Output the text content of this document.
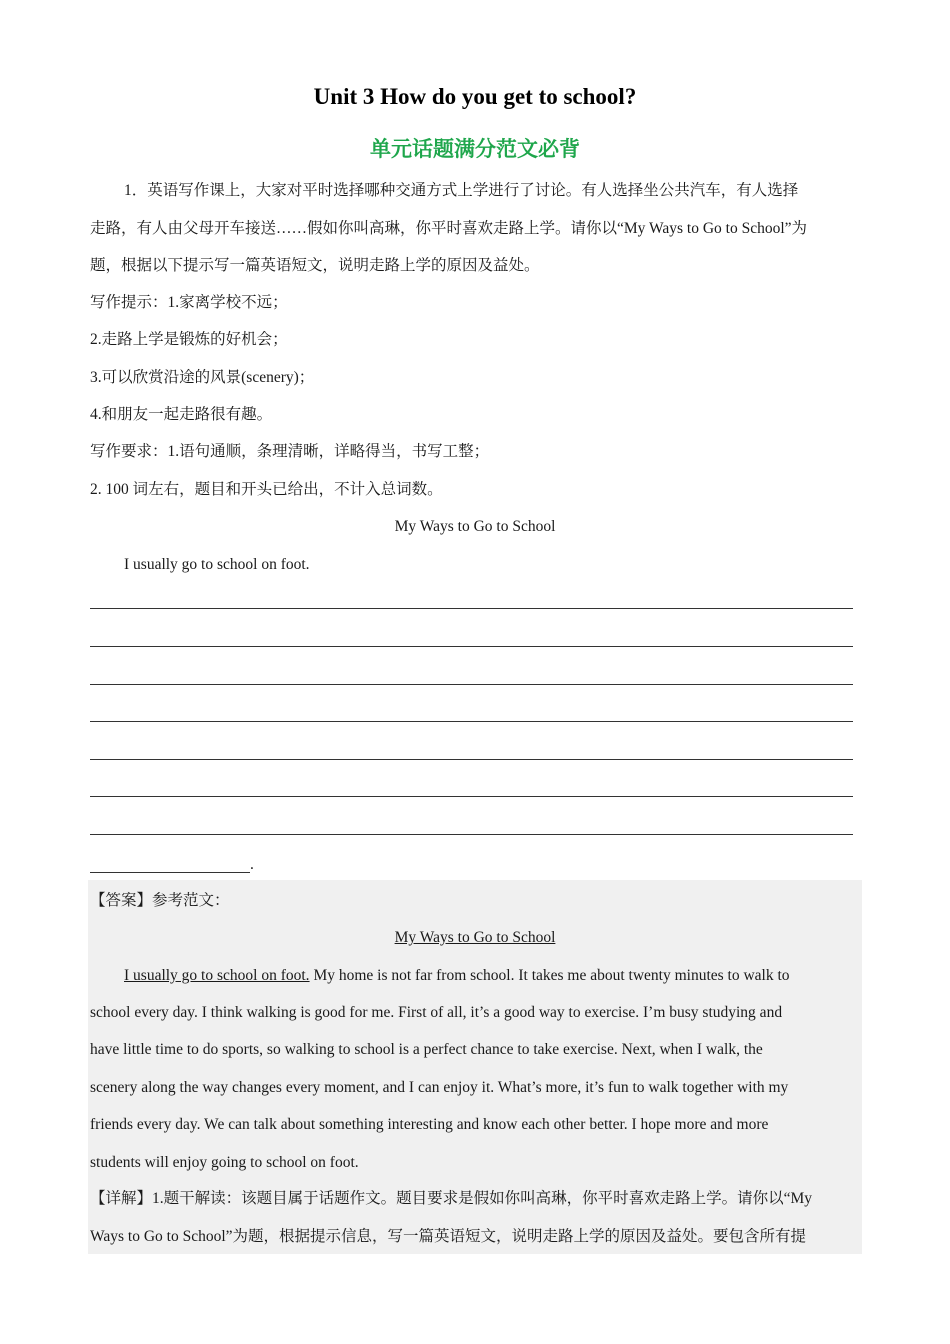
Unit 3 How do you get to school?
单元话题满分范文必背
1．英语写作课上，大家对平时选择哪种交通方式上学进行了讨论。有人选择坐公共汽车，有人选择
走路，有人由父母开车接送……假如你叫高琳，你平时喜欢走路上学。请你以“My Ways to Go to School”为
题，根据以下提示写一篇英语短文，说明走路上学的原因及益处。
写作提示：1.家离学校不远；
2.走路上学是锻炼的好机会；
3.可以欣赏沿途的风景(scenery)；
4.和朋友一起走路很有趣。
写作要求：1.语句通顺，条理清晰，详略得当，书写工整；
2. 100 词左右，题目和开头已给出，不计入总词数。
My Ways to Go to School
I usually go to school on foot.
.
【答案】参考范文：
My Ways to Go to School
I usually go to school on foot. My home is not far from school. It takes me about twenty minutes to walk to
school every day. I think walking is good for me. First of all, it’s a good way to exercise. I’m busy studying and
have little time to do sports, so walking to school is a perfect chance to take exercise. Next, when I walk, the
scenery along the way changes every moment, and I can enjoy it. What’s more, it’s fun to walk together with my
friends every day. We can talk about something interesting and know each other better. I hope more and more
students will enjoy going to school on foot.
【详解】1.题干解读：该题目属于话题作文。题目要求是假如你叫高琳，你平时喜欢走路上学。请你以“My
Ways to Go to School”为题，根据提示信息，写一篇英语短文，说明走路上学的原因及益处。要包含所有提
